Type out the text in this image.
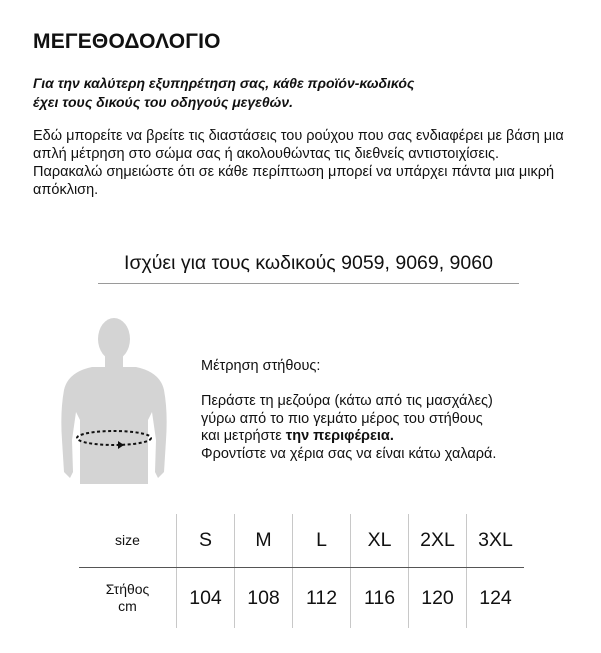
ΜΕΓΕΘΟΔΟΛΟΓΙΟ
Για την καλύτερη εξυπηρέτηση σας, κάθε προϊόν-κωδικός
έχει τους δικούς του οδηγούς μεγεθών.

Εδώ μπορείτε να βρείτε τις διαστάσεις του ρούχου που σας ενδιαφέρει με βάση μια απλή μέτρηση στο σώμα σας ή ακολουθώντας τις διεθνείς αντιστοιχίσεις.

Παρακαλώ σημειώστε ότι σε κάθε περίπτωση μπορεί να υπάρχει πάντα μια μικρή απόκλιση.

Ισχύει για τους κωδικούς 9059, 9069, 9060
Μέτρηση στήθους:
Περάστε τη μεζούρα (κάτω από τις μασχάλες)
γύρω από το πιο γεμάτο μέρος του στήθους
και μετρήστε την περιφέρεια.
Φροντίστε να χέρια σας να είναι κάτω χαλαρά.
size	S	M	L	XL	2XL	3XL

Στήθος
cm	104	108	112	116	120	124
